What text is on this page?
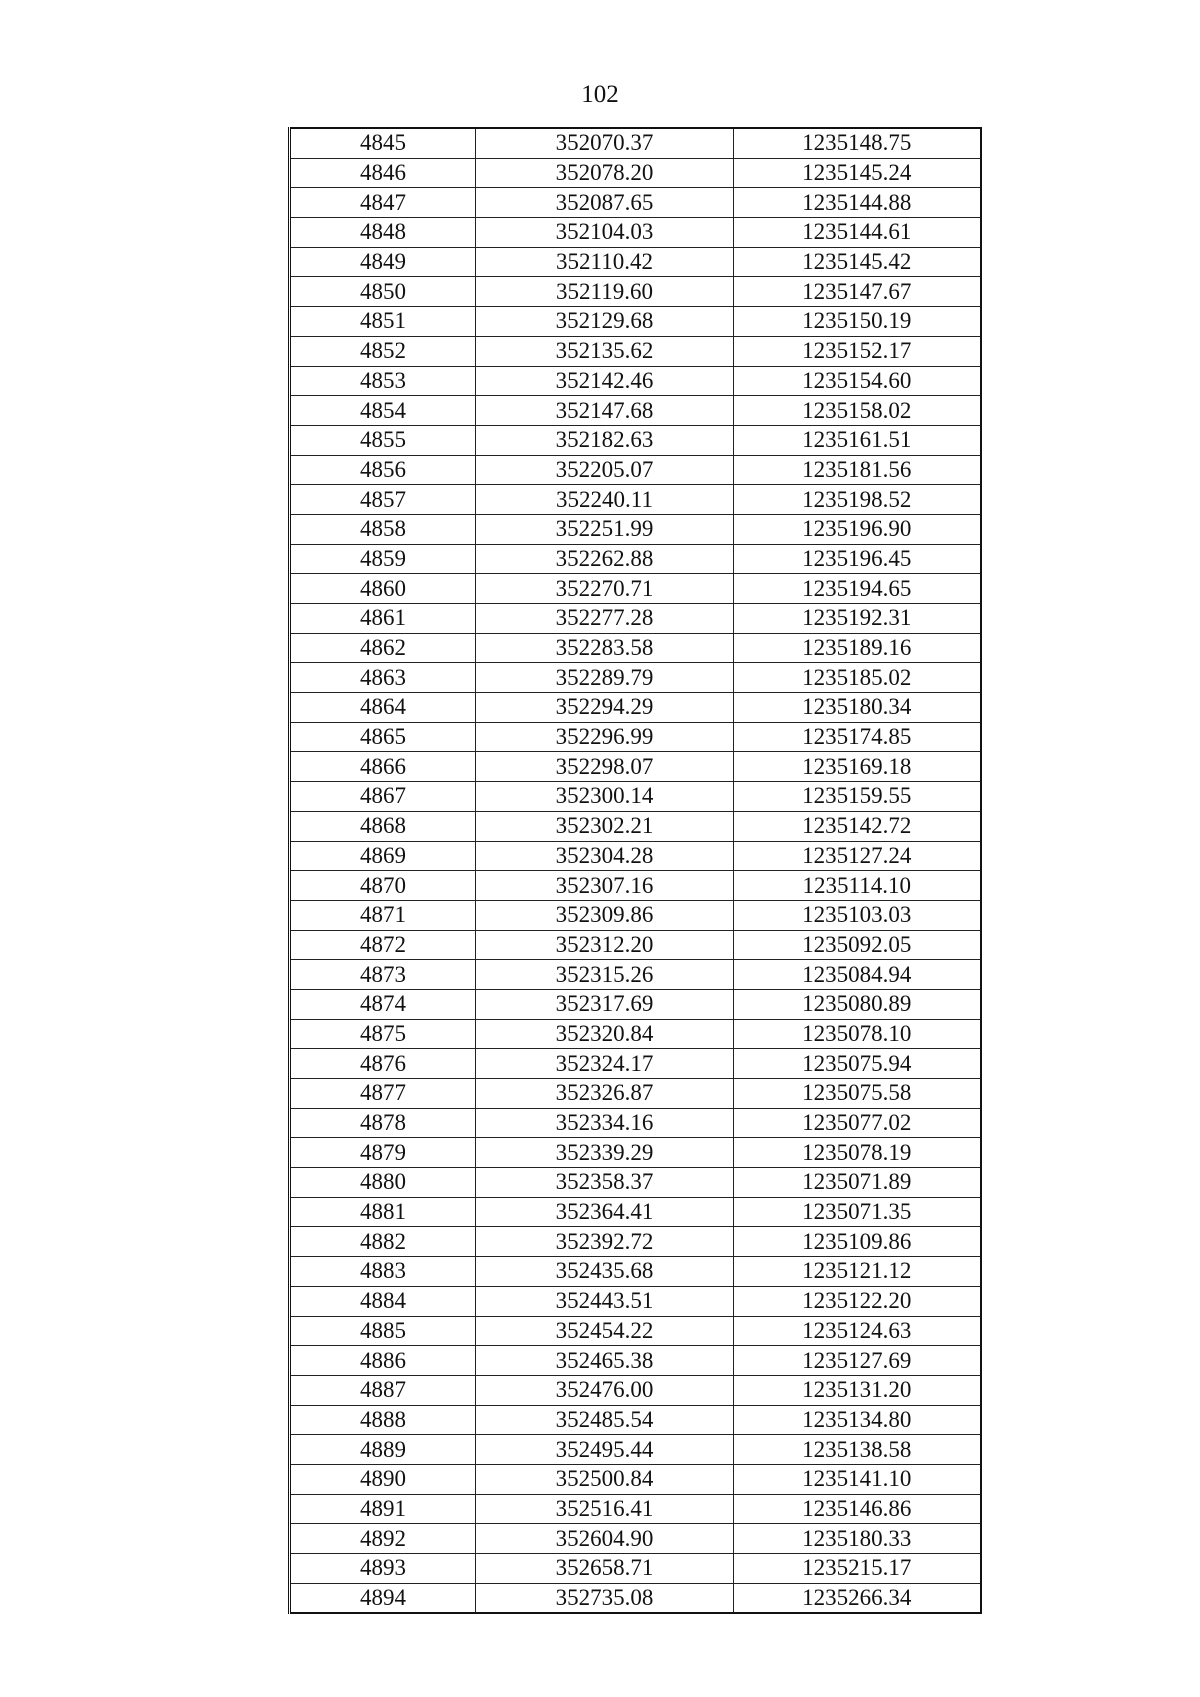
102
4845	352070.37	1235148.75
4846	352078.20	1235145.24
4847	352087.65	1235144.88
4848	352104.03	1235144.61
4849	352110.42	1235145.42
4850	352119.60	1235147.67
4851	352129.68	1235150.19
4852	352135.62	1235152.17
4853	352142.46	1235154.60
4854	352147.68	1235158.02
4855	352182.63	1235161.51
4856	352205.07	1235181.56
4857	352240.11	1235198.52
4858	352251.99	1235196.90
4859	352262.88	1235196.45
4860	352270.71	1235194.65
4861	352277.28	1235192.31
4862	352283.58	1235189.16
4863	352289.79	1235185.02
4864	352294.29	1235180.34
4865	352296.99	1235174.85
4866	352298.07	1235169.18
4867	352300.14	1235159.55
4868	352302.21	1235142.72
4869	352304.28	1235127.24
4870	352307.16	1235114.10
4871	352309.86	1235103.03
4872	352312.20	1235092.05
4873	352315.26	1235084.94
4874	352317.69	1235080.89
4875	352320.84	1235078.10
4876	352324.17	1235075.94
4877	352326.87	1235075.58
4878	352334.16	1235077.02
4879	352339.29	1235078.19
4880	352358.37	1235071.89
4881	352364.41	1235071.35
4882	352392.72	1235109.86
4883	352435.68	1235121.12
4884	352443.51	1235122.20
4885	352454.22	1235124.63
4886	352465.38	1235127.69
4887	352476.00	1235131.20
4888	352485.54	1235134.80
4889	352495.44	1235138.58
4890	352500.84	1235141.10
4891	352516.41	1235146.86
4892	352604.90	1235180.33
4893	352658.71	1235215.17
4894	352735.08	1235266.34
